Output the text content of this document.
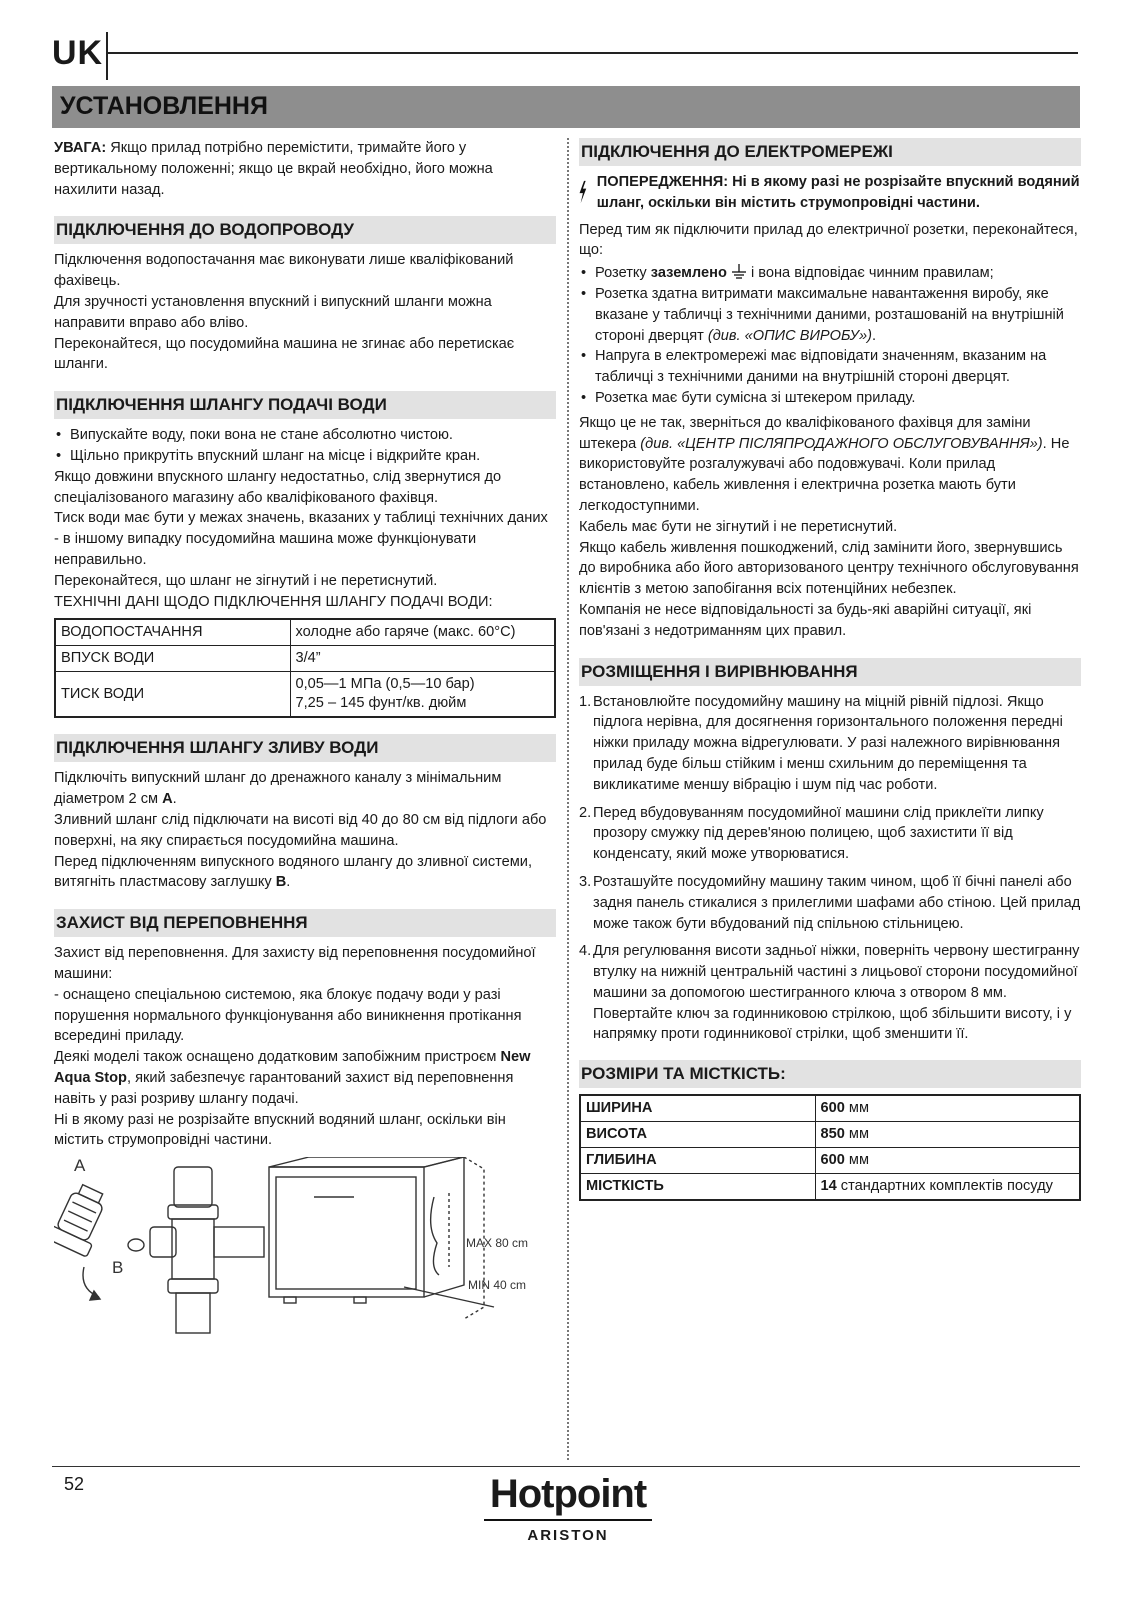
UK
УСТАНОВЛЕННЯ

УВАГА: Якщо прилад потрібно перемістити, тримайте його у вертикальному положенні; якщо це вкрай необхідно, його можна нахилити назад.

ПІДКЛЮЧЕННЯ ДО ВОДОПРОВОДУ

Підключення водопостачання має виконувати лише кваліфікований фахівець.

Для зручності установлення впускний і випускний шланги можна направити вправо або вліво.

Переконайтеся, що посудомийна машина не згинає або перетискає шланги.

ПІДКЛЮЧЕННЯ ШЛАНГУ ПОДАЧІ ВОДИ
• Випускайте воду, поки вона не стане абсолютно чистою.
• Щільно прикрутіть впускний шланг на місце і відкрийте кран.

Якщо довжини впускного шлангу недостатньо, слід звернутися до спеціалізованого магазину або кваліфікованого фахівця.

Тиск води має бути у межах значень, вказаних у таблиці технічних даних - в іншому випадку посудомийна машина може функціонувати неправильно.

Переконайтеся, що шланг не зігнутий і не перетиснутий.

ТЕХНІЧНІ ДАНІ ЩОДО ПІДКЛЮЧЕННЯ ШЛАНГУ ПОДАЧІ ВОДИ:

ВОДОПОСТАЧАННЯ	холодне або гаряче (макс. 60°C)
ВПУСК ВОДИ	3/4”
ТИСК ВОДИ	0,05—1 МПа (0,5—10 бар)
7,25 – 145 фунт/кв. дюйм
ПІДКЛЮЧЕННЯ ШЛАНГУ ЗЛИВУ ВОДИ

Підключіть випускний шланг до дренажного каналу з мінімальним діаметром 2 см A.

Зливний шланг слід підключати на висоті від 40 до 80 см від підлоги або поверхні, на яку спирається посудомийна машина.

Перед підключенням випускного водяного шлангу до зливної системи, витягніть пластмасову заглушку B.

ЗАХИСТ ВІД ПЕРЕПОВНЕННЯ

Захист від переповнення. Для захисту від переповнення посудомийної машини:

- оснащено спеціальною системою, яка блокує подачу води у разі порушення нормального функціонування або виникнення протікання всередині приладу.

Деякі моделі також оснащено додатковим запобіжним пристроєм New Aqua Stop, який забезпечує гарантований захист від переповнення навіть у разі розриву шлангу подачі.

Ні в якому разі не розрізайте впускний водяний шланг, оскільки він містить струмопровідні частини.

A
B
MAX 80 cm
MIN 40 cm
ПІДКЛЮЧЕННЯ ДО ЕЛЕКТРОМЕРЕЖІ
ПОПЕРЕДЖЕННЯ: Ні в якому разі не розрізайте впускний водяний шланг, оскільки він містить струмопровідні частини.

Перед тим як підключити прилад до електричної розетки, переконайтеся, що:

• Розетку заземлено  і вона відповідає чинним правилам;
• Розетка здатна витримати максимальне навантаження виробу, яке вказане у табличці з технічними даними, розташованій на внутрішній стороні дверцят (див. «ОПИС ВИРОБУ»).
• Напруга в електромережі має відповідати значенням, вказаним на табличці з технічними даними на внутрішній стороні дверцят.
• Розетка має бути сумісна зі штекером приладу.

Якщо це не так, зверніться до кваліфікованого фахівця для заміни штекера (див. «ЦЕНТР ПІСЛЯПРОДАЖНОГО ОБСЛУГОВУВАННЯ»). Не використовуйте розгалужувачі або подовжувачі. Коли прилад встановлено, кабель живлення і електрична розетка мають бути легкодоступними.

Кабель має бути не зігнутий і не перетиснутий.

Якщо кабель живлення пошкоджений, слід замінити його, звернувшись до виробника або його авторизованого центру технічного обслуговування клієнтів з метою запобігання всіх потенційних небезпек.

Компанія не несе відповідальності за будь-які аварійні ситуації, які пов'язані з недотриманням цих правил.

РОЗМІЩЕННЯ І ВИРІВНЮВАННЯ
1. Встановлюйте посудомийну машину на міцній рівній підлозі. Якщо підлога нерівна, для досягнення горизонтального положення передні ніжки приладу можна відрегулювати. У разі належного вирівнювання прилад буде більш стійким і менш схильним до переміщення та викликатиме меншу вібрацію і шум під час роботи.
2. Перед вбудовуванням посудомийної машини слід приклеїти липку прозору смужку під дерев'яною полицею, щоб захистити її від конденсату, який може утворюватися.
3. Розташуйте посудомийну машину таким чином, щоб її бічні панелі або задня панель стикалися з прилеглими шафами або стіною. Цей прилад може також бути вбудований під спільною стільницею.
4. Для регулювання висоти задньої ніжки, поверніть червону шестигранну втулку на нижній центральній частині з лицьової сторони посудомийної машини за допомогою шестигранного ключа з отвором 8 мм. Повертайте ключ за годинниковою стрілкою, щоб збільшити висоту, і у напрямку проти годинникової стрілки, щоб зменшити її.
РОЗМІРИ ТА МІСТКІСТЬ:
ШИРИНА	600 мм
ВИСОТА	850 мм
ГЛИБИНА	600 мм
МІСТКІСТЬ	14 стандартних комплектів посуду
52	Hotpoint
ARISTON
